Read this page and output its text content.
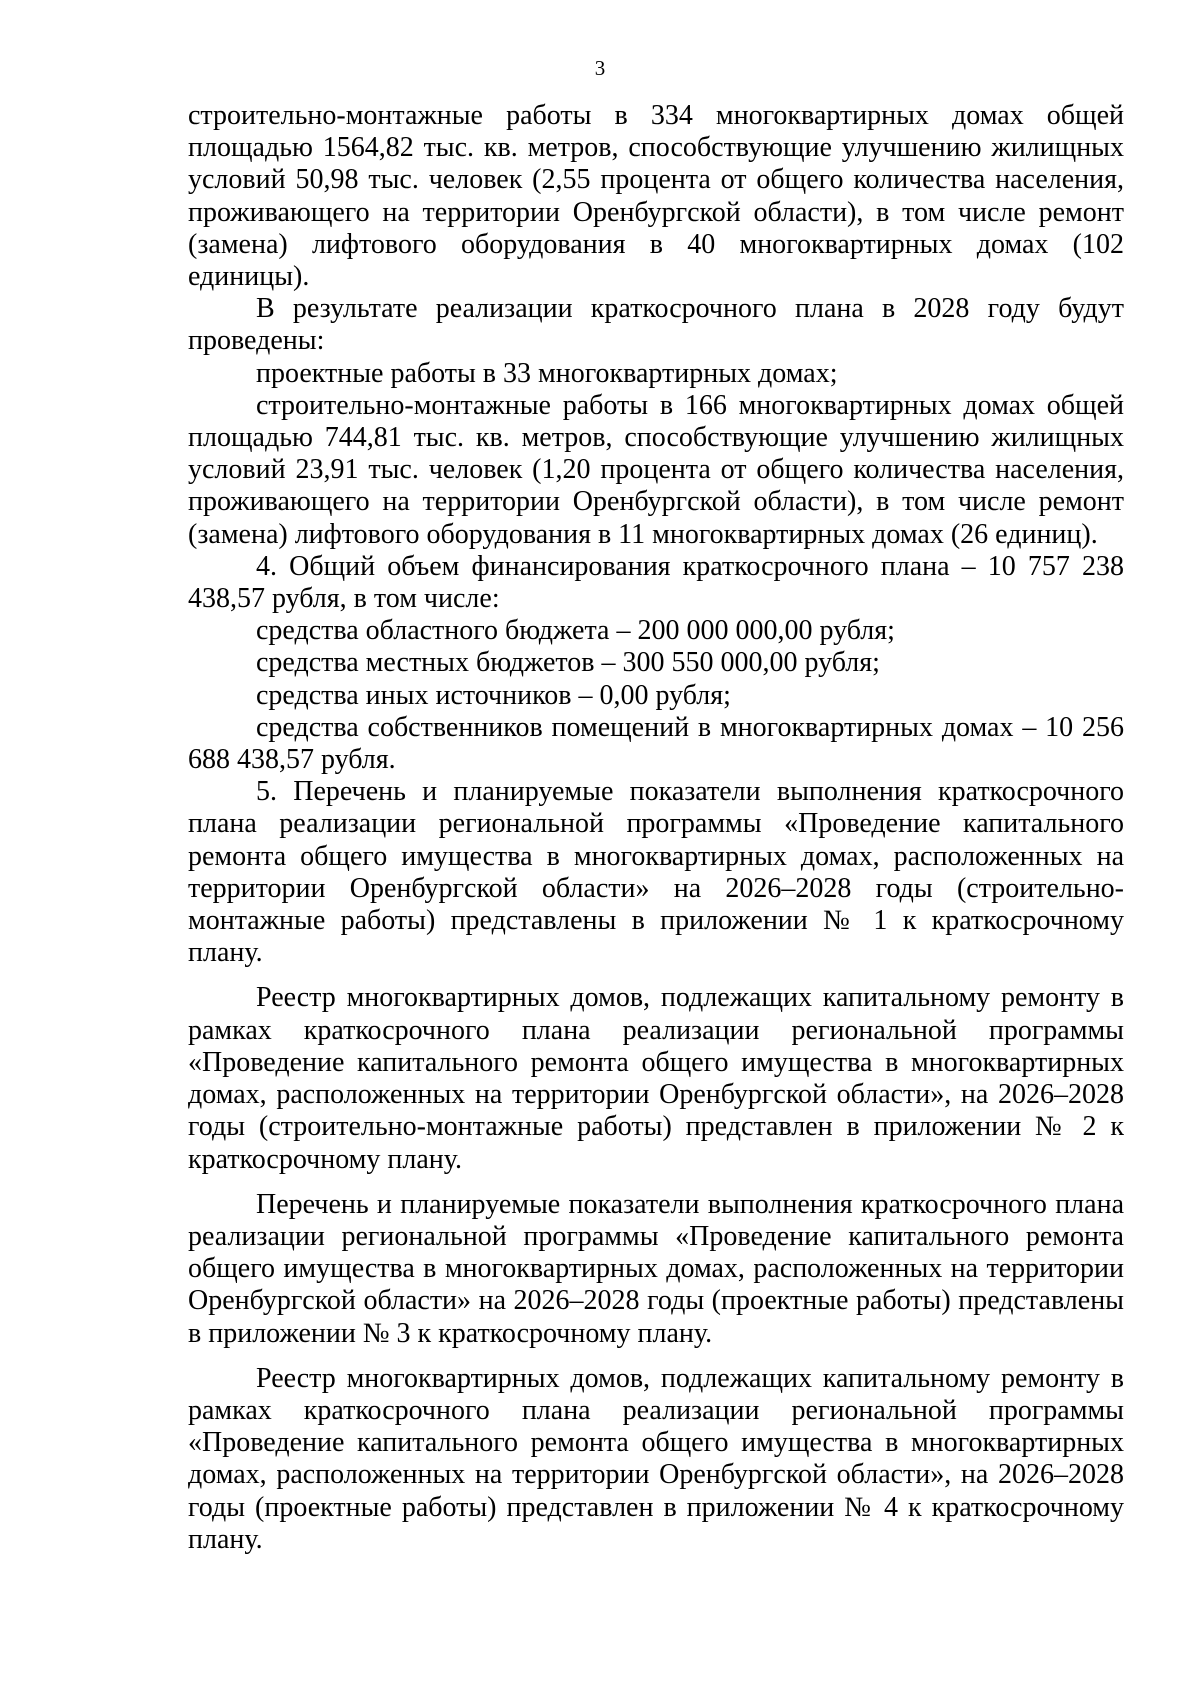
3

строительно-монтажные работы в 334 многоквартирных домах общей площадью 1564,82 тыс. кв. метров, способствующие улучшению жилищных условий 50,98 тыс. человек (2,55 процента от общего количества населения, проживающего на территории Оренбургской области), в том числе ремонт (замена) лифтового оборудования в 40 многоквартирных домах (102 единицы).

В результате реализации краткосрочного плана в 2028 году будут проведены:

проектные работы в 33 многоквартирных домах;

строительно-монтажные работы в 166 многоквартирных домах общей площадью 744,81 тыс. кв. метров, способствующие улучшению жилищных условий 23,91 тыс. человек (1,20 процента от общего количества населения, проживающего на территории Оренбургской области), в том числе ремонт (замена) лифтового оборудования в 11 многоквартирных домах (26 единиц).

4. Общий объем финансирования краткосрочного плана – 10 757 238 438,57 рубля, в том числе:

средства областного бюджета – 200 000 000,00 рубля;

средства местных бюджетов – 300 550 000,00 рубля;

средства иных источников – 0,00 рубля;

средства собственников помещений в многоквартирных домах – 10 256 688 438,57 рубля.

5. Перечень и планируемые показатели выполнения краткосрочного плана реализации региональной программы «Проведение капитального ремонта общего имущества в многоквартирных домах, расположенных на территории Оренбургской области» на 2026–2028 годы (строительно-монтажные работы) представлены в приложении № 1 к краткосрочному плану.

Реестр многоквартирных домов, подлежащих капитальному ремонту в рамках краткосрочного плана реализации региональной программы «Проведение капитального ремонта общего имущества в многоквартирных домах, расположенных на территории Оренбургской области», на 2026–2028 годы (строительно-монтажные работы) представлен в приложении № 2 к краткосрочному плану.

Перечень и планируемые показатели выполнения краткосрочного плана реализации региональной программы «Проведение капитального ремонта общего имущества в многоквартирных домах, расположенных на территории Оренбургской области» на 2026–2028 годы (проектные работы) представлены в приложении № 3 к краткосрочному плану.

Реестр многоквартирных домов, подлежащих капитальному ремонту в рамках краткосрочного плана реализации региональной программы «Проведение капитального ремонта общего имущества в многоквартирных домах, расположенных на территории Оренбургской области», на 2026–2028 годы (проектные работы) представлен в приложении № 4 к краткосрочному плану.
